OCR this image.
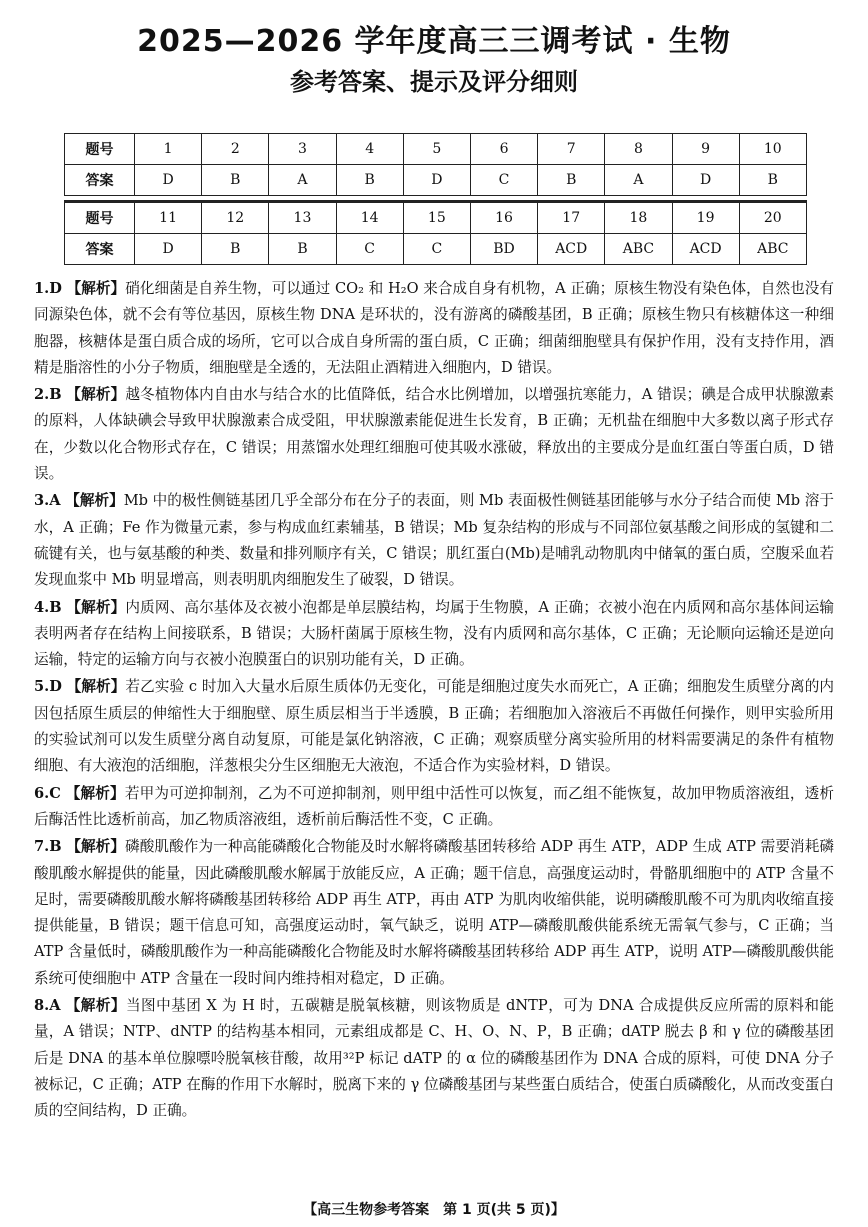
2025—2026 学年度高三三调考试 · 生物
参考答案、提示及评分细则
题号	1	2	3	4	5	6	7	8	9	10
答案	D	B	A	B	D	C	B	A	D	B

题号	11	12	13	14	15	16	17	18	19	20
答案	D	B	B	C	C	BD	ACD	ABC	ACD	ABC
1.D 【解析】硝化细菌是自养生物，可以通过 CO₂ 和 H₂O 来合成自身有机物，A 正确；原核生物没有染色体，自然也没有同源染色体，就不会有等位基因，原核生物 DNA 是环状的，没有游离的磷酸基团，B 正确；原核生物只有核糖体这一种细胞器，核糖体是蛋白质合成的场所，它可以合成自身所需的蛋白质，C 正确；细菌细胞壁具有保护作用，没有支持作用，酒精是脂溶性的小分子物质，细胞壁是全透的，无法阻止酒精进入细胞内，D 错误。
2.B 【解析】越冬植物体内自由水与结合水的比值降低，结合水比例增加，以增强抗寒能力，A 错误；碘是合成甲状腺激素的原料，人体缺碘会导致甲状腺激素合成受阻，甲状腺激素能促进生长发育，B 正确；无机盐在细胞中大多数以离子形式存在，少数以化合物形式存在，C 错误；用蒸馏水处理红细胞可使其吸水涨破，释放出的主要成分是血红蛋白等蛋白质，D 错误。
3.A 【解析】Mb 中的极性侧链基团几乎全部分布在分子的表面，则 Mb 表面极性侧链基团能够与水分子结合而使 Mb 溶于水，A 正确；Fe 作为微量元素，参与构成血红素辅基，B 错误；Mb 复杂结构的形成与不同部位氨基酸之间形成的氢键和二硫键有关，也与氨基酸的种类、数量和排列顺序有关，C 错误；肌红蛋白(Mb)是哺乳动物肌肉中储氧的蛋白质，空腹采血若发现血浆中 Mb 明显增高，则表明肌肉细胞发生了破裂，D 错误。
4.B 【解析】内质网、高尔基体及衣被小泡都是单层膜结构，均属于生物膜，A 正确；衣被小泡在内质网和高尔基体间运输表明两者存在结构上间接联系，B 错误；大肠杆菌属于原核生物，没有内质网和高尔基体，C 正确；无论顺向运输还是逆向运输，特定的运输方向与衣被小泡膜蛋白的识别功能有关，D 正确。
5.D 【解析】若乙实验 c 时加入大量水后原生质体仍无变化，可能是细胞过度失水而死亡，A 正确；细胞发生质壁分离的内因包括原生质层的伸缩性大于细胞壁、原生质层相当于半透膜，B 正确；若细胞加入溶液后不再做任何操作，则甲实验所用的实验试剂可以发生质壁分离自动复原，可能是氯化钠溶液，C 正确；观察质壁分离实验所用的材料需要满足的条件有植物细胞、有大液泡的活细胞，洋葱根尖分生区细胞无大液泡，不适合作为实验材料，D 错误。
6.C 【解析】若甲为可逆抑制剂，乙为不可逆抑制剂，则甲组中活性可以恢复，而乙组不能恢复，故加甲物质溶液组，透析后酶活性比透析前高，加乙物质溶液组，透析前后酶活性不变，C 正确。
7.B 【解析】磷酸肌酸作为一种高能磷酸化合物能及时水解将磷酸基团转移给 ADP 再生 ATP，ADP 生成 ATP 需要消耗磷酸肌酸水解提供的能量，因此磷酸肌酸水解属于放能反应，A 正确；题干信息，高强度运动时，骨骼肌细胞中的 ATP 含量不足时，需要磷酸肌酸水解将磷酸基团转移给 ADP 再生 ATP，再由 ATP 为肌肉收缩供能，说明磷酸肌酸不可为肌肉收缩直接提供能量，B 错误；题干信息可知，高强度运动时，氧气缺乏，说明 ATP—磷酸肌酸供能系统无需氧气参与，C 正确；当 ATP 含量低时，磷酸肌酸作为一种高能磷酸化合物能及时水解将磷酸基团转移给 ADP 再生 ATP，说明 ATP—磷酸肌酸供能系统可使细胞中 ATP 含量在一段时间内维持相对稳定，D 正确。
8.A 【解析】当图中基团 X 为 H 时，五碳糖是脱氧核糖，则该物质是 dNTP，可为 DNA 合成提供反应所需的原料和能量，A 错误；NTP、dNTP 的结构基本相同，元素组成都是 C、H、O、N、P，B 正确；dATP 脱去 β 和 γ 位的磷酸基团后是 DNA 的基本单位腺嘌呤脱氧核苷酸，故用³²P 标记 dATP 的 α 位的磷酸基团作为 DNA 合成的原料，可使 DNA 分子被标记，C 正确；ATP 在酶的作用下水解时，脱离下来的 γ 位磷酸基团与某些蛋白质结合，使蛋白质磷酸化，从而改变蛋白质的空间结构，D 正确。
【高三生物参考答案　第 1 页(共 5 页)】
